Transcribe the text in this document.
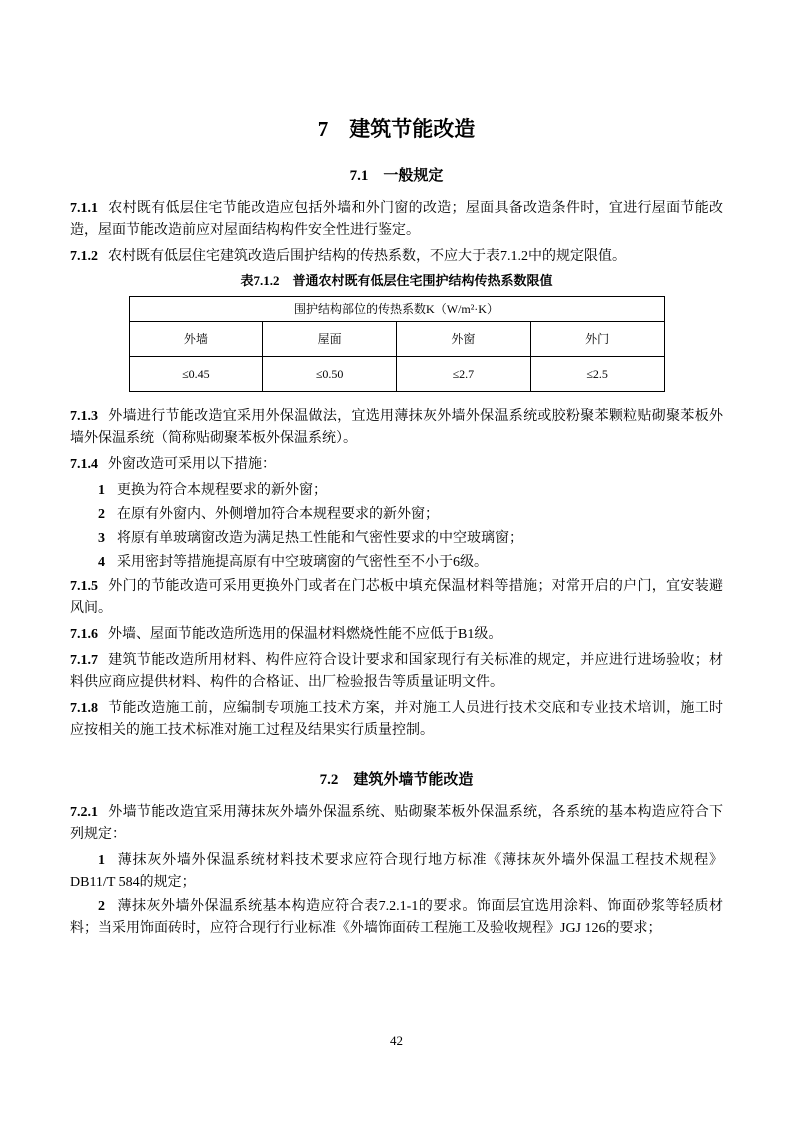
7　建筑节能改造
7.1　一般规定

7.1.1 农村既有低层住宅节能改造应包括外墙和外门窗的改造；屋面具备改造条件时，宜进行屋面节能改造，屋面节能改造前应对屋面结构构件安全性进行鉴定。

7.1.2 农村既有低层住宅建筑改造后围护结构的传热系数，不应大于表7.1.2中的规定限值。

表7.1.2　普通农村既有低层住宅围护结构传热系数限值
围护结构部位的传热系数K（W/m²·K）			
外墙	屋面	外窗	外门
≤0.45	≤0.50	≤2.7	≤2.5

7.1.3 外墙进行节能改造宜采用外保温做法，宜选用薄抹灰外墙外保温系统或胶粉聚苯颗粒贴砌聚苯板外墙外保温系统（简称贴砌聚苯板外保温系统）。

7.1.4 外窗改造可采用以下措施：

1 更换为符合本规程要求的新外窗；

2 在原有外窗内、外侧增加符合本规程要求的新外窗；

3 将原有单玻璃窗改造为满足热工性能和气密性要求的中空玻璃窗；

4 采用密封等措施提高原有中空玻璃窗的气密性至不小于6级。

7.1.5 外门的节能改造可采用更换外门或者在门芯板中填充保温材料等措施；对常开启的户门，宜安装避风间。

7.1.6 外墙、屋面节能改造所选用的保温材料燃烧性能不应低于B1级。

7.1.7 建筑节能改造所用材料、构件应符合设计要求和国家现行有关标准的规定，并应进行进场验收；材料供应商应提供材料、构件的合格证、出厂检验报告等质量证明文件。

7.1.8 节能改造施工前，应编制专项施工技术方案，并对施工人员进行技术交底和专业技术培训，施工时应按相关的施工技术标准对施工过程及结果实行质量控制。

7.2　建筑外墙节能改造

7.2.1 外墙节能改造宜采用薄抹灰外墙外保温系统、贴砌聚苯板外保温系统，各系统的基本构造应符合下列规定：

1 薄抹灰外墙外保温系统材料技术要求应符合现行地方标准《薄抹灰外墙外保温工程技术规程》DB11/T 584的规定；

2 薄抹灰外墙外保温系统基本构造应符合表7.2.1-1的要求。饰面层宜选用涂料、饰面砂浆等轻质材料；当采用饰面砖时，应符合现行行业标准《外墙饰面砖工程施工及验收规程》JGJ 126的要求；

42
